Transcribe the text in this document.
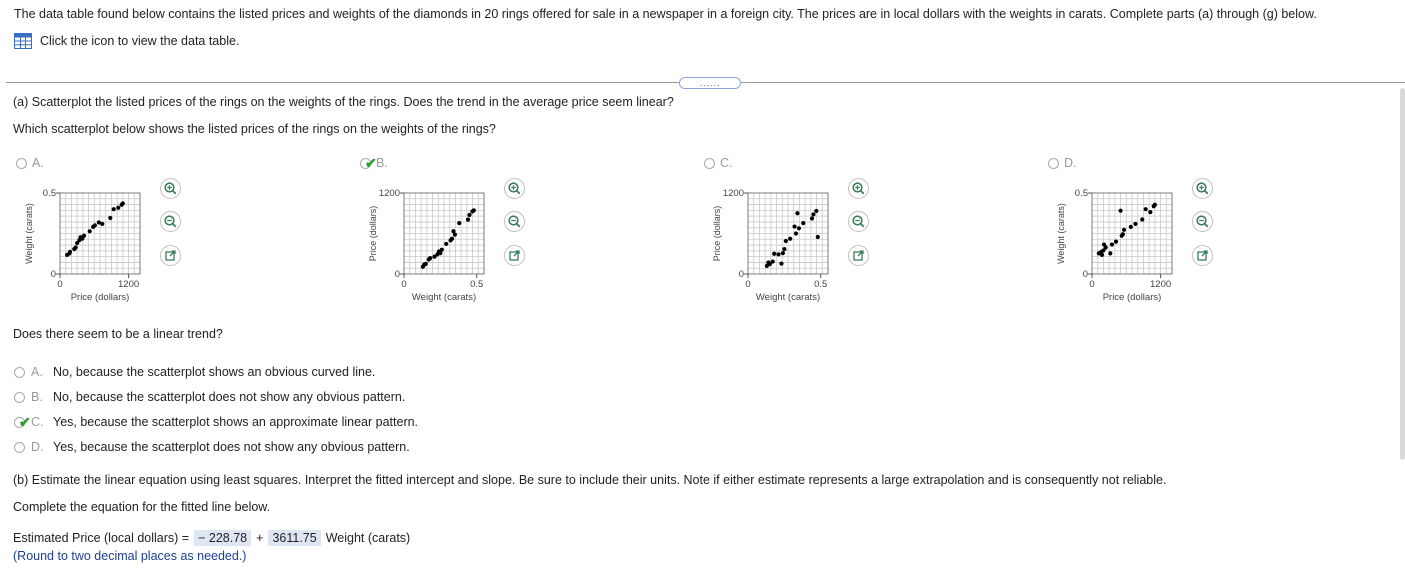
The data table found below contains the listed prices and weights of the diamonds in 20 rings offered for sale in a newspaper in a foreign city. The prices are in local dollars with the weights in carats. Complete parts (a) through (g) below.
Click the icon to view the data table.
......
(a) Scatterplot the listed prices of the rings on the weights of the rings. Does the trend in the average price seem linear?
Which scatterplot below shows the listed prices of the rings on the weights of the rings?
A.	✔ B.	C.	D.
0.5
0
0	1200
Price (dollars)
Weight (carats)
1200
0
0	0.5
Weight (carats)
Price (dollars)
1200
0
0	0.5
Weight (carats)
Price (dollars)
0.5
0
0	1200
Price (dollars)
Weight (carats)
Does there seem to be a linear trend?
A. No, because the scatterplot shows an obvious curved line.
B. No, because the scatterplot does not show any obvious pattern.
✔ C. Yes, because the scatterplot shows an approximate linear pattern.
D. Yes, because the scatterplot does not show any obvious pattern.
(b) Estimate the linear equation using least squares. Interpret the fitted intercept and slope. Be sure to include their units. Note if either estimate represents a large extrapolation and is consequently not reliable.
Complete the equation for the fitted line below.
Estimated Price (local dollars) = − 228.78 + 3611.75 Weight (carats)
(Round to two decimal places as needed.)
